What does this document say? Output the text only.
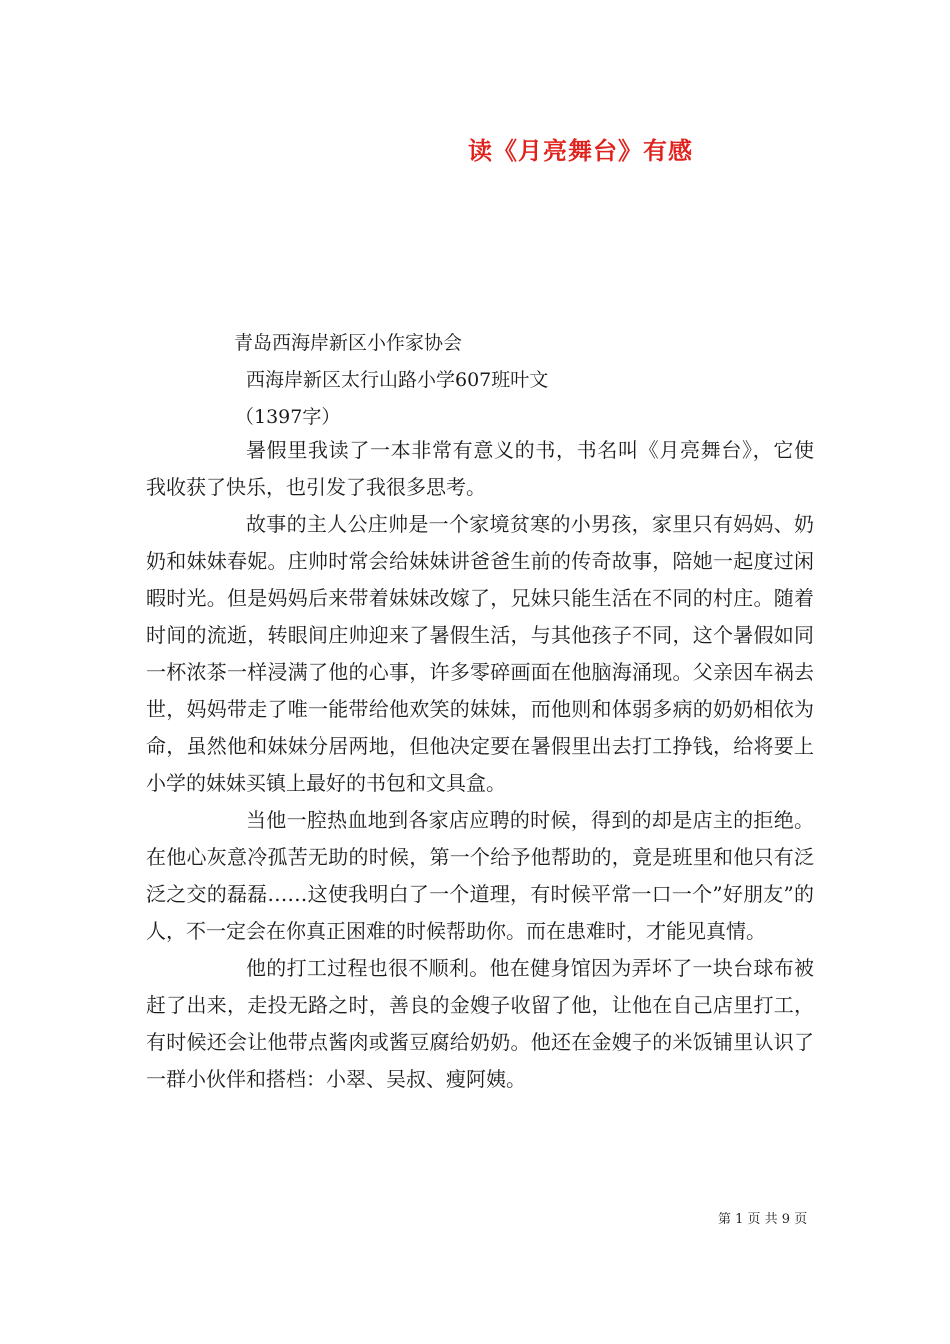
读《月亮舞台》有感
青岛西海岸新区小作家协会
西海岸新区太行山路小学607班叶文
（1397字）

暑假里我读了一本非常有意义的书，书名叫《月亮舞台》，它使我收获了快乐，也引发了我很多思考。

故事的主人公庄帅是一个家境贫寒的小男孩，家里只有妈妈、奶奶和妹妹春妮。庄帅时常会给妹妹讲爸爸生前的传奇故事，陪她一起度过闲暇时光。但是妈妈后来带着妹妹改嫁了，兄妹只能生活在不同的村庄。随着时间的流逝，转眼间庄帅迎来了暑假生活，与其他孩子不同，这个暑假如同一杯浓茶一样浸满了他的心事，许多零碎画面在他脑海涌现。父亲因车祸去世，妈妈带走了唯一能带给他欢笑的妹妹，而他则和体弱多病的奶奶相依为命，虽然他和妹妹分居两地，但他决定要在暑假里出去打工挣钱，给将要上小学的妹妹买镇上最好的书包和文具盒。

当他一腔热血地到各家店应聘的时候，得到的却是店主的拒绝。在他心灰意冷孤苦无助的时候，第一个给予他帮助的，竟是班里和他只有泛泛之交的磊磊……这使我明白了一个道理，有时候平常一口一个”好朋友”的人，不一定会在你真正困难的时候帮助你。而在患难时，才能见真情。

他的打工过程也很不顺利。他在健身馆因为弄坏了一块台球布被赶了出来，走投无路之时，善良的金嫂子收留了他，让他在自己店里打工，有时候还会让他带点酱肉或酱豆腐给奶奶。他还在金嫂子的米饭铺里认识了一群小伙伴和搭档：小翠、吴叔、瘦阿姨。

第 1 页 共 9 页
